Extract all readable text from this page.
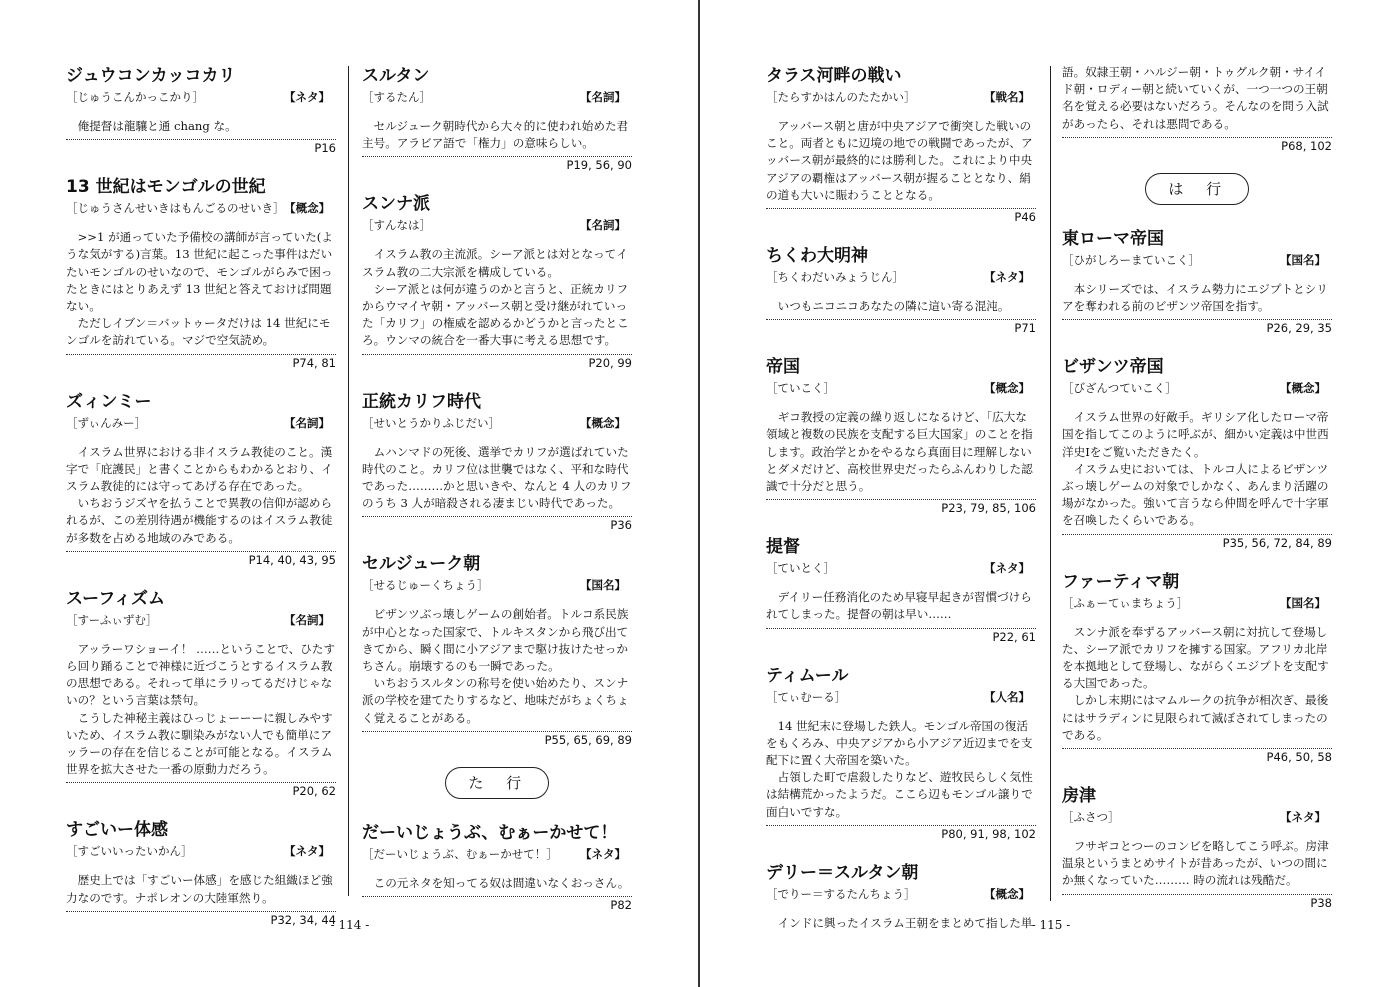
ジュウコンカッコカリ
［じゅうこんかっこかり］	【ネタ】

俺提督は龍驤と通 chang な。

P16
13 世紀はモンゴルの世紀
［じゅうさんせいきはもんごるのせいき］ 【概念】

>>1 が通っていた予備校の講師が言っていた(ような気がする)言葉。13 世紀に起こった事件はだいたいモンゴルのせいなので、モンゴルがらみで困ったときにはとりあえず 13 世紀と答えておけば問題ない。

ただしイブン＝バットゥータだけは 14 世紀にモンゴルを訪れている。マジで空気読め。

P74, 81
ズィンミー
［ずぃんみー］	【名詞】

イスラム世界における非イスラム教徒のこと。漢字で「庇護民」と書くことからもわかるとおり、イスラム教徒的には守ってあげる存在であった。

いちおうジズヤを払うことで異教の信仰が認められるが、この差別待遇が機能するのはイスラム教徒が多数を占める地域のみである。

P14, 40, 43, 95
スーフィズム
［すーふぃずむ］	【名詞】

アッラーワショーイ！ ……ということで、ひたすら回り踊ることで神様に近づこうとするイスラム教の思想である。それって単にラリってるだけじゃないの？という言葉は禁句。

こうした神秘主義はひっじょーーーに親しみやすいため、イスラム教に馴染みがない人でも簡単にアッラーの存在を信じることが可能となる。イスラム世界を拡大させた一番の原動力だろう。

P20, 62
すごいー体感
［すごいいったいかん］	【ネタ】

歴史上では「すごいー体感」を感じた組織ほど強力なのです。ナポレオンの大陸軍然り。

P32, 34, 44
スルタン
［するたん］	【名詞】

セルジューク朝時代から大々的に使われ始めた君主号。アラビア語で「権力」の意味らしい。

P19, 56, 90
スンナ派
［すんなは］	【名詞】

イスラム教の主流派。シーア派とは対となってイスラム教の二大宗派を構成している。

シーア派とは何が違うのかと言うと、正統カリフからウマイヤ朝・アッバース朝と受け継がれていった「カリフ」の権威を認めるかどうかと言ったところ。ウンマの統合を一番大事に考える思想です。

P20, 99
正統カリフ時代
［せいとうかりふじだい］	【概念】

ムハンマドの死後、選挙でカリフが選ばれていた時代のこと。カリフ位は世襲ではなく、平和な時代であった………かと思いきや、なんと 4 人のカリフのうち 3 人が暗殺される凄まじい時代であった。

P36
セルジューク朝
［せるじゅーくちょう］	【国名】

ビザンツぶっ壊しゲームの創始者。トルコ系民族が中心となった国家で、トルキスタンから飛び出てきてから、瞬く間に小アジアまで駆け抜けたせっかちさん。崩壊するのも一瞬であった。

いちおうスルタンの称号を使い始めたり、スンナ派の学校を建てたりするなど、地味だがちょくちょく覚えることがある。

P55, 65, 69, 89
た 行
だーいじょうぶ、むぁーかせて！
［だーいじょうぶ、むぁーかせて！］ 【ネタ】

この元ネタを知ってる奴は間違いなくおっさん。

P82
- 114 -
タラス河畔の戦い
［たらすかはんのたたかい］	【戦名】

アッバース朝と唐が中央アジアで衝突した戦いのこと。両者ともに辺境の地での戦闘であったが、アッバース朝が最終的には勝利した。これにより中央アジアの覇権はアッバース朝が握ることとなり、絹の道も大いに賑わうこととなる。

P46
ちくわ大明神
［ちくわだいみょうじん］	【ネタ】

いつもニコニコあなたの隣に這い寄る混沌。

P71
帝国
［ていこく］	【概念】

ギコ教授の定義の繰り返しになるけど、「広大な領域と複数の民族を支配する巨大国家」のことを指します。政治学とかをやるなら真面目に理解しないとダメだけど、高校世界史だったらふんわりした認識で十分だと思う。

P23, 79, 85, 106
提督
［ていとく］	【ネタ】

デイリー任務消化のため早寝早起きが習慣づけられてしまった。提督の朝は早い……

P22, 61
ティムール
［てぃむーる］	【人名】

14 世紀末に登場した鉄人。モンゴル帝国の復活をもくろみ、中央アジアから小アジア近辺までを支配下に置く大帝国を築いた。

占領した町で虐殺したりなど、遊牧民らしく気性は結構荒かったようだ。ここら辺もモンゴル譲りで面白いですな。

P80, 91, 98, 102
デリー＝スルタン朝
［でりー＝するたんちょう］	【概念】

インドに興ったイスラム王朝をまとめて指した単

語。奴隷王朝・ハルジー朝・トゥグルク朝・サイイド朝・ロディー朝と続いていくが、一つ一つの王朝名を覚える必要はないだろう。そんなのを問う入試があったら、それは悪問である。

P68, 102
は 行
東ローマ帝国
［ひがしろーまていこく］	【国名】

本シリーズでは、イスラム勢力にエジプトとシリアを奪われる前のビザンツ帝国を指す。

P26, 29, 35
ビザンツ帝国
［びざんつていこく］	【概念】

イスラム世界の好敵手。ギリシア化したローマ帝国を指してこのように呼ぶが、細かい定義は中世西洋史Ⅰをご覧いただきたく。

イスラム史においては、トルコ人によるビザンツぶっ壊しゲームの対象でしかなく、あんまり活躍の場がなかった。強いて言うなら仲間を呼んで十字軍を召喚したくらいである。

P35, 56, 72, 84, 89
ファーティマ朝
［ふぁーてぃまちょう］	【国名】

スンナ派を奉ずるアッバース朝に対抗して登場した、シーア派でカリフを擁する国家。アフリカ北岸を本拠地として登場し、ながらくエジプトを支配する大国であった。

しかし末期にはマムルークの抗争が相次ぎ、最後にはサラディンに見限られて滅ぼされてしまったのである。

P46, 50, 58
房津
［ふさつ］	【ネタ】

フサギコとつーのコンビを略してこう呼ぶ。房津温泉というまとめサイトが昔あったが、いつの間にか無くなっていた……… 時の流れは残酷だ。

P38
- 115 -
